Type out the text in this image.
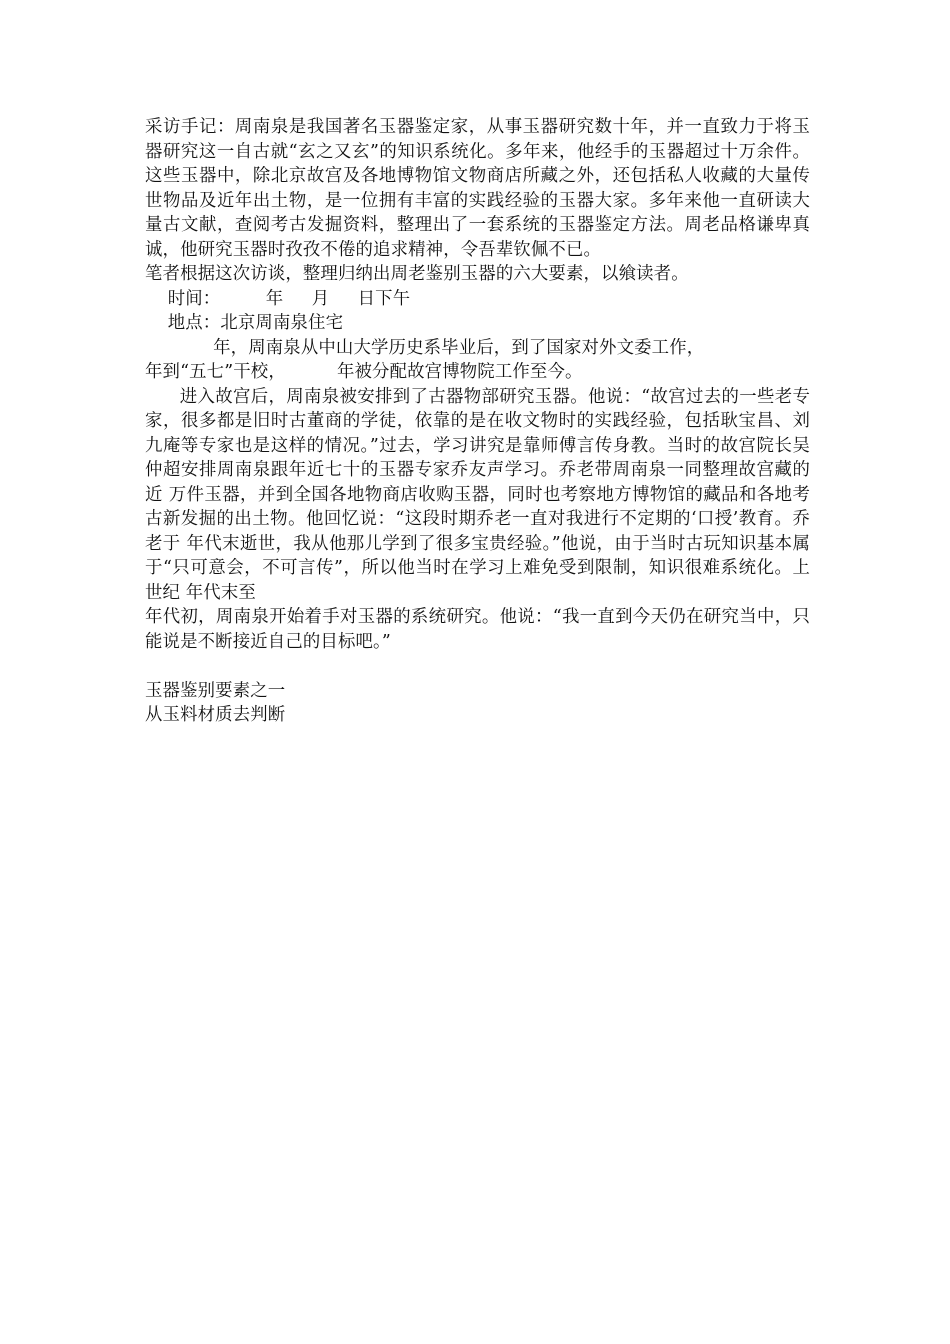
采访手记：周南泉是我国著名玉器鉴定家，从事玉器研究数十年，并一直致力于将玉器研究这一自古就“玄之又玄”的知识系统化。多年来，他经手的玉器超过十万余件。这些玉器中，除北京故宫及各地博物馆文物商店所藏之外，还包括私人收藏的大量传世物品及近年出土物，是一位拥有丰富的实践经验的玉器大家。多年来他一直研读大量古文献，查阅考古发掘资料，整理出了一套系统的玉器鉴定方法。周老品格谦卑真诚，他研究玉器时孜孜不倦的追求精神，令吾辈钦佩不已。

笔者根据这次访谈，整理归纳出周老鉴别玉器的六大要素，以飨读者。

时间：        年     月     日下午

地点：北京周南泉住宅

年，周南泉从中山大学历史系毕业后，到了国家对外文委工作，

年到“五七”干校，         年被分配故宫博物院工作至今。

进入故宫后，周南泉被安排到了古器物部研究玉器。他说：“故宫过去的一些老专家，很多都是旧时古董商的学徒，依靠的是在收文物时的实践经验，包括耿宝昌、刘九庵等专家也是这样的情况。”过去，学习讲究是靠师傅言传身教。当时的故宫院长吴仲超安排周南泉跟年近七十的玉器专家乔友声学习。乔老带周南泉一同整理故宫藏的近 万件玉器，并到全国各地物商店收购玉器，同时也考察地方博物馆的藏品和各地考古新发掘的出土物。他回忆说：“这段时期乔老一直对我进行不定期的‘口授’教育。乔老于 年代末逝世，我从他那儿学到了很多宝贵经验。”他说，由于当时古玩知识基本属于“只可意会，不可言传”，所以他当时在学习上难免受到限制，知识很难系统化。上世纪 年代末至

年代初，周南泉开始着手对玉器的系统研究。他说：“我一直到今天仍在研究当中，只能说是不断接近自己的目标吧。”

玉器鉴别要素之一

从玉料材质去判断
